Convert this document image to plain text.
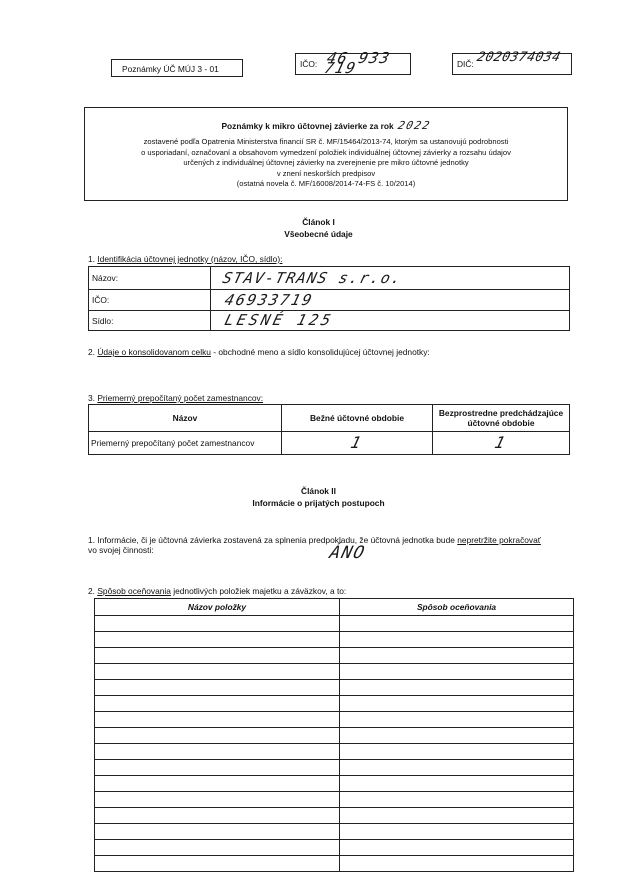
Poznámky ÚČ MÚJ 3 - 01	IČO: 46 933 719	DIČ: 2020374034
Poznámky k mikro účtovnej závierke za rok 2022
zostavené podľa Opatrenia Ministerstva financií SR č. MF/15464/2013-74, ktorým sa ustanovujú podrobnosti
o usporiadaní, označovaní a obsahovom vymedzení položiek individuálnej účtovnej závierky a rozsahu údajov
určených z individuálnej účtovnej závierky na zverejnenie pre mikro účtovné jednotky
v znení neskorších predpisov
(ostatná novela č. MF/16008/2014-74-FS č. 10/2014)
Článok I
Všeobecné údaje
1. Identifikácia účtovnej jednotky (názov, IČO, sídlo):
Názov:	STAV-TRANS s.r.o.

IČO:	46933719

Sídlo:	LESNÉ 125
2. Údaje o konsolidovanom celku - obchodné meno a sídlo konsolidujúcej účtovnej jednotky:
3. Priemerný prepočítaný počet zamestnancov:
Názov	Bežné účtovné obdobie	Bezprostredne predchádzajúce účtovné obdobie
Priemerný prepočítaný počet zamestnancov	1	1
Článok II
Informácie o prijatých postupoch
1. Informácie, či je účtovná závierka zostavená za splnenia predpokladu, že účtovná jednotka bude nepretržite pokračovať
vo svojej činnosti:	ÁNO
2. Spôsob oceňovania jednotlivých položiek majetku a záväzkov, a to:
Názov položky	Spôsob oceňovania
